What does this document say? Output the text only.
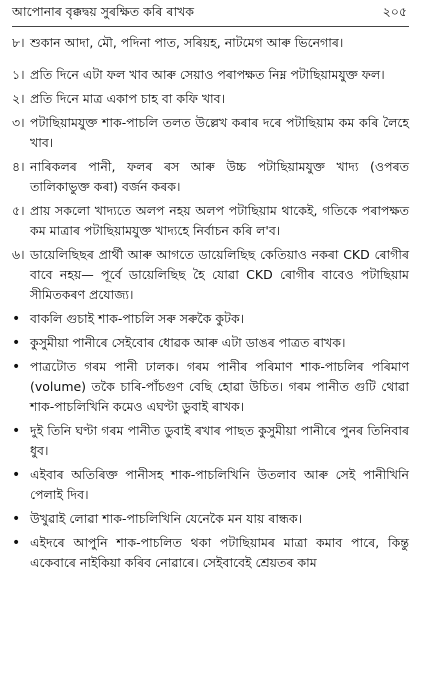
আপোনাৰ বৃক্কদ্বয় সুৰক্ষিত কৰি ৰাখক	২০৫
৮। শুকান আদা, মৌ, পদিনা পাত, সৰিয়হ, নাটমেগ আৰু ভিনেগাৰ।
১। প্ৰতি দিনে এটা ফল খাব আৰু সেয়াও পৰাপক্ষত নিম্ন পটাছিয়ামযুক্ত ফল।
২। প্ৰতি দিনে মাত্ৰ একাপ চাহ বা কফি খাব।
৩। পটাছিয়ামযুক্ত শাক-পাচলি তলত উল্লেখ কৰাৰ দৰে পটাছিয়াম কম কৰি লৈহে খাব।
৪। নাৰিকলৰ পানী, ফলৰ ৰস আৰু উচ্চ পটাছিয়ামযুক্ত খাদ্য (ওপৰত তালিকাভুক্ত কৰা) বৰ্জন কৰক।
৫। প্ৰায় সকলো খাদ্যতে অলপ নহয় অলপ পটাছিয়াম থাকেই, গতিকে পৰাপক্ষত কম মাত্ৰাৰ পটাছিয়ামযুক্ত খাদ্যহে নিৰ্বাচন কৰি ল'ব।
৬। ডায়েলিছিছৰ প্ৰাৰ্থী আৰু আগতে ডায়েলিছিছ কেতিয়াও নকৰা CKD ৰোগীৰ বাবে নহয়— পূৰ্বে ডায়েলিছিছ হৈ যোৱা CKD ৰোগীৰ বাবেও পটাছিয়াম সীমিতকৰণ প্ৰযোজ্য।
• বাকলি গুচাই শাক-পাচলি সৰু সৰুকৈ কুটক।
• কুসুমীয়া পানীৰে সেইবোৰ ধোৱক আৰু এটা ডাঙৰ পাত্ৰত ৰাখক।
• পাত্ৰটোত গৰম পানী ঢালক। গৰম পানীৰ পৰিমাণ শাক-পাচলিৰ পৰিমাণ (volume) তকৈ চাৰি-পাঁচগুণ বেছি হোৱা উচিত। গৰম পানীত গুটি থোৱা শাক-পাচলিখিনি কমেও এঘণ্টা ডুবাই ৰাখক।
• দুই তিনি ঘণ্টা গৰম পানীত ডুবাই ৰখাৰ পাছত কুসুমীয়া পানীৰে পুনৰ তিনিবাৰ ধুব।
• এইবাৰ অতিৰিক্ত পানীসহ শাক-পাচলিখিনি উতলাব আৰু সেই পানীখিনি পেলাই দিব।
• উখুৱাই লোৱা শাক-পাচলিখিনি যেনেকৈ মন যায় ৰান্ধক।
• এইদৰে আপুনি শাক-পাচলিত থকা পটাছিয়ামৰ মাত্ৰা কমাব পাৰে, কিন্তু একেবাৰে নাইকিয়া কৰিব নোৱাৰে। সেইবাবেই শ্ৰেয়তৰ কাম
